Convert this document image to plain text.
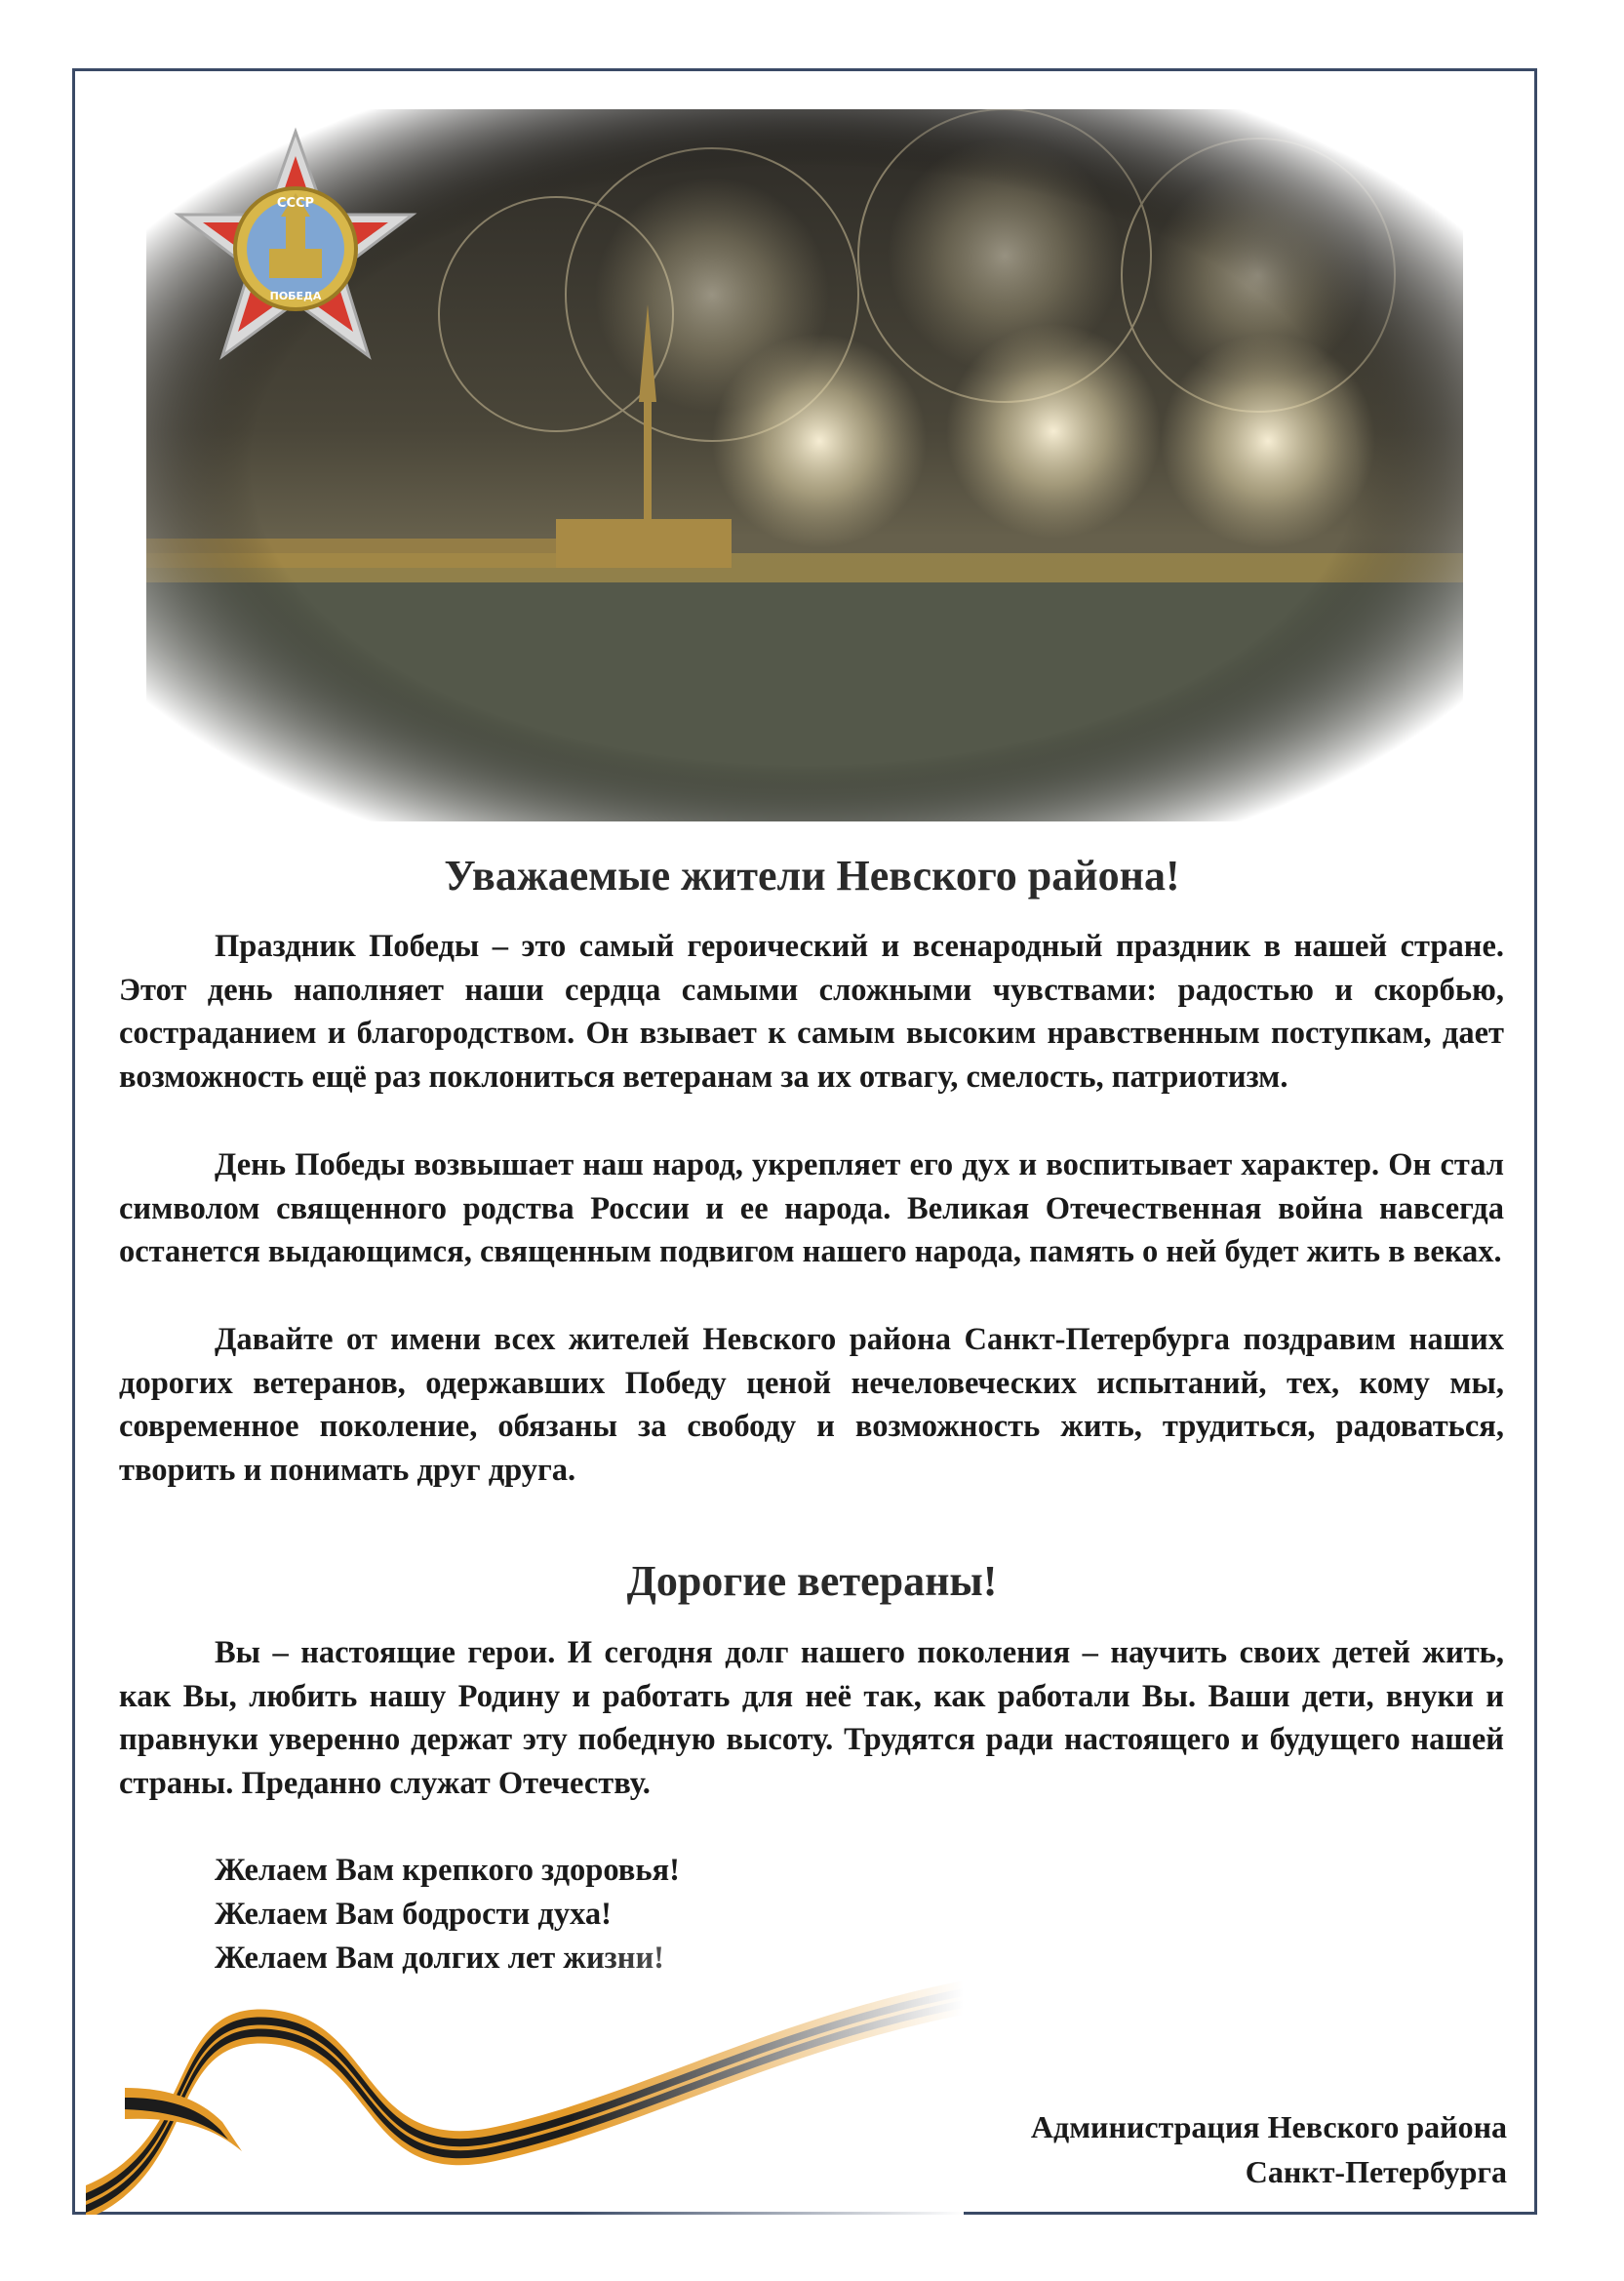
СССР
ПОБЕДА
Уважаемые жители Невского района!

Праздник Победы – это самый героический и всенародный праздник в нашей стране. Этот день наполняет наши сердца самыми сложными чувствами: радостью и скорбью, состраданием и благородством. Он взывает к самым высоким нравственным поступкам, дает возможность ещё раз поклониться ветеранам за их отвагу, смелость, патриотизм.

День Победы возвышает наш народ, укрепляет его дух и воспитывает характер. Он стал символом священного родства России и ее народа. Великая Отечественная война навсегда останется выдающимся, священным подвигом нашего народа, память о ней будет жить в веках.

Давайте от имени всех жителей Невского района Санкт-Петербурга поздравим наших дорогих ветеранов, одержавших Победу ценой нечеловеческих испытаний, тех, кому мы, современное поколение, обязаны за свободу и возможность жить, трудиться, радоваться, творить и понимать друг друга.

Дорогие ветераны!

Вы – настоящие герои. И сегодня долг нашего поколения – научить своих детей жить, как Вы, любить нашу Родину и работать для неё так, как работали Вы. Ваши дети, внуки и правнуки уверенно держат эту победную высоту. Трудятся ради настоящего и будущего нашей страны. Преданно служат Отечеству.

Желаем Вам крепкого здоровья!

Желаем Вам бодрости духа!

Администрация Невского района

Санкт-Петербурга
